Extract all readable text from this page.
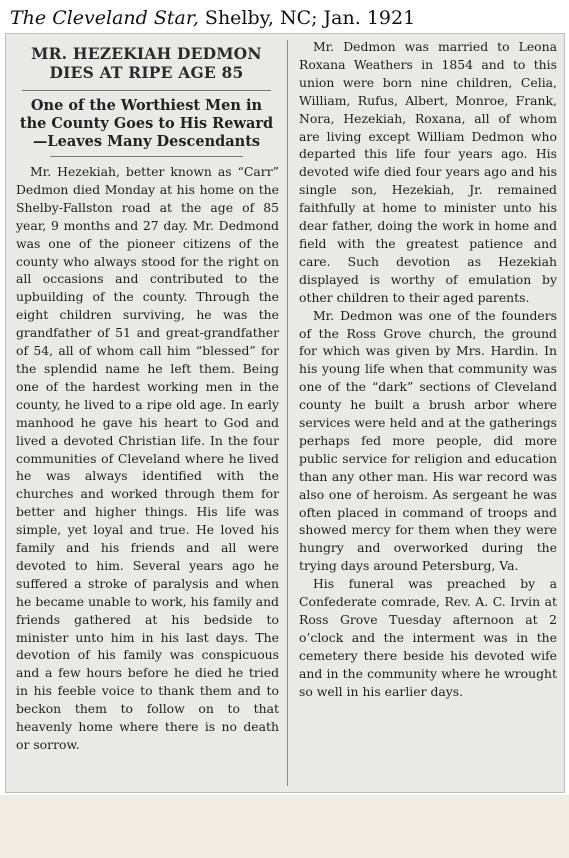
The Cleveland Star, Shelby, NC; Jan. 1921
MR. HEZEKIAH DEDMON DIES AT RIPE AGE 85
One of the Worthiest Men in the County Goes to His Reward—Leaves Many Descendants

Mr. Hezekiah, better known as “Carr” Dedmon died Monday at his home on the Shelby-Fallston road at the age of 85 year, 9 months and 27 day. Mr. Dedmond was one of the pioneer citizens of the county who always stood for the right on all occasions and contributed to the upbuilding of the county. Through the eight children surviving, he was the grandfather of 51 and great-grandfather of 54, all of whom call him “blessed” for the splendid name he left them. Being one of the hardest working men in the county, he lived to a ripe old age. In early manhood he gave his heart to God and lived a devoted Christian life. In the four communities of Cleveland where he lived he was always identified with the churches and worked through them for better and higher things. His life was simple, yet loyal and true. He loved his family and his friends and all were devoted to him. Several years ago he suffered a stroke of paralysis and when he became unable to work, his family and friends gathered at his bedside to minister unto him in his last days. The devotion of his family was conspicuous and a few hours before he died he tried in his feeble voice to thank them and to beckon them to follow on to that heavenly home where there is no death or sorrow.

Mr. Dedmon was married to Leona Roxana Weathers in 1854 and to this union were born nine children, Celia, William, Rufus, Albert, Monroe, Frank, Nora, Hezekiah, Roxana, all of whom are living except William Dedmon who departed this life four years ago. His devoted wife died four years ago and his single son, Hezekiah, Jr. remained faithfully at home to minister unto his dear father, doing the work in home and field with the greatest patience and care. Such devotion as Hezekiah displayed is worthy of emulation by other children to their aged parents.

Mr. Dedmon was one of the founders of the Ross Grove church, the ground for which was given by Mrs. Hardin. In his young life when that community was one of the “dark” sections of Cleveland county he built a brush arbor where services were held and at the gatherings perhaps fed more people, did more public service for religion and education than any other man. His war record was also one of heroism. As sergeant he was often placed in command of troops and showed mercy for them when they were hungry and overworked during the trying days around Petersburg, Va.

His funeral was preached by a Confederate comrade, Rev. A. C. Irvin at Ross Grove Tuesday afternoon at 2 o’clock and the interment was in the cemetery there beside his devoted wife and in the community where he wrought so well in his earlier days.
